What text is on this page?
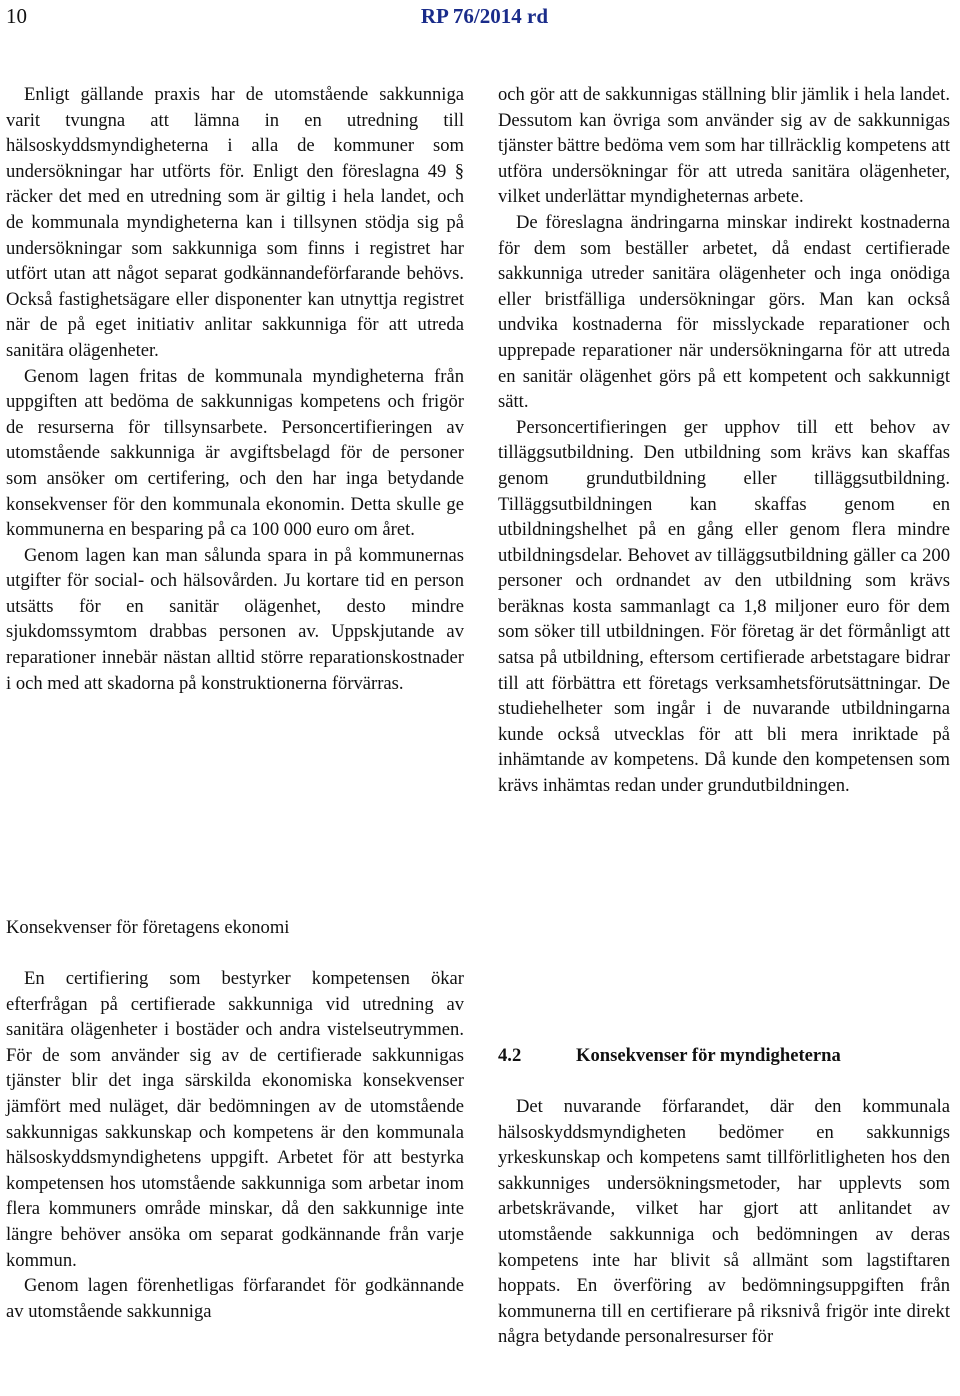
10	RP 76/2014 rd

Enligt gällande praxis har de utomstående sakkunniga varit tvungna att lämna in en utredning till hälsoskyddsmyndigheterna i alla de kommuner som undersökningar har utförts för. Enligt den föreslagna 49 § räcker det med en utredning som är giltig i hela landet, och de kommunala myndigheterna kan i tillsynen stödja sig på undersökningar som sakkunniga som finns i registret har utfört utan att något separat godkännandeförfarande behövs. Också fastighetsägare eller disponenter kan utnyttja registret när de på eget initiativ anlitar sakkunniga för att utreda sanitära olägenheter.

Genom lagen fritas de kommunala myndigheterna från uppgiften att bedöma de sakkunnigas kompetens och frigör de resurserna för tillsynsarbete. Personcertifieringen av utomstående sakkunniga är avgiftsbelagd för de personer som ansöker om certifering, och den har inga betydande konsekvenser för den kommunala ekonomin. Detta skulle ge kommunerna en besparing på ca 100 000 euro om året.

Genom lagen kan man sålunda spara in på kommunernas utgifter för social- och hälsovården. Ju kortare tid en person utsätts för en sanitär olägenhet, desto mindre sjukdomssymtom drabbas personen av. Uppskjutande av reparationer innebär nästan alltid större reparationskostnader i och med att skadorna på konstruktionerna förvärras.

Konsekvenser för företagens ekonomi

En certifiering som bestyrker kompetensen ökar efterfrågan på certifierade sakkunniga vid utredning av sanitära olägenheter i bostäder och andra vistelseutrymmen. För de som använder sig av de certifierade sakkunnigas tjänster blir det inga särskilda ekonomiska konsekvenser jämfört med nuläget, där bedömningen av de utomstående sakkunnigas sakkunskap och kompetens är den kommunala hälsoskyddsmyndighetens uppgift. Arbetet för att bestyrka kompetensen hos utomstående sakkunniga som arbetar inom flera kommuners område minskar, då den sakkunnige inte längre behöver ansöka om separat godkännande från varje kommun.

Genom lagen förenhetligas förfarandet för godkännande av utomstående sakkunniga

och gör att de sakkunnigas ställning blir jämlik i hela landet. Dessutom kan övriga som använder sig av de sakkunnigas tjänster bättre bedöma vem som har tillräcklig kompetens att utföra undersökningar för att utreda sanitära olägenheter, vilket underlättar myndigheternas arbete.

De föreslagna ändringarna minskar indirekt kostnaderna för dem som beställer arbetet, då endast certifierade sakkunniga utreder sanitära olägenheter och inga onödiga eller bristfälliga undersökningar görs. Man kan också undvika kostnaderna för misslyckade reparationer och upprepade reparationer när undersökningarna för att utreda en sanitär olägenhet görs på ett kompetent och sakkunnigt sätt.

Personcertifieringen ger upphov till ett behov av tilläggsutbildning. Den utbildning som krävs kan skaffas genom grundutbildning eller tilläggsutbildning. Tilläggsutbildningen kan skaffas genom en utbildningshelhet på en gång eller genom flera mindre utbildningsdelar. Behovet av tilläggsutbildning gäller ca 200 personer och ordnandet av den utbildning som krävs beräknas kosta sammanlagt ca 1,8 miljoner euro för dem som söker till utbildningen. För företag är det förmånligt att satsa på utbildning, eftersom certifierade arbetstagare bidrar till att förbättra ett företags verksamhetsförutsättningar. De studiehelheter som ingår i de nuvarande utbildningarna kunde också utvecklas för att bli mera inriktade på inhämtande av kompetens. Då kunde den kompetensen som krävs inhämtas redan under grundutbildningen.

4.2	Konsekvenser för myndigheterna

Det nuvarande förfarandet, där den kommunala hälsoskyddsmyndigheten bedömer en sakkunnigs yrkeskunskap och kompetens samt tillförlitligheten hos den sakkunniges undersökningsmetoder, har upplevts som arbetskrävande, vilket har gjort att anlitandet av utomstående sakkunniga och bedömningen av deras kompetens inte har blivit så allmänt som lagstiftaren hoppats. En överföring av bedömningsuppgiften från kommunerna till en certifierare på riksnivå frigör inte direkt några betydande personalresurser för
